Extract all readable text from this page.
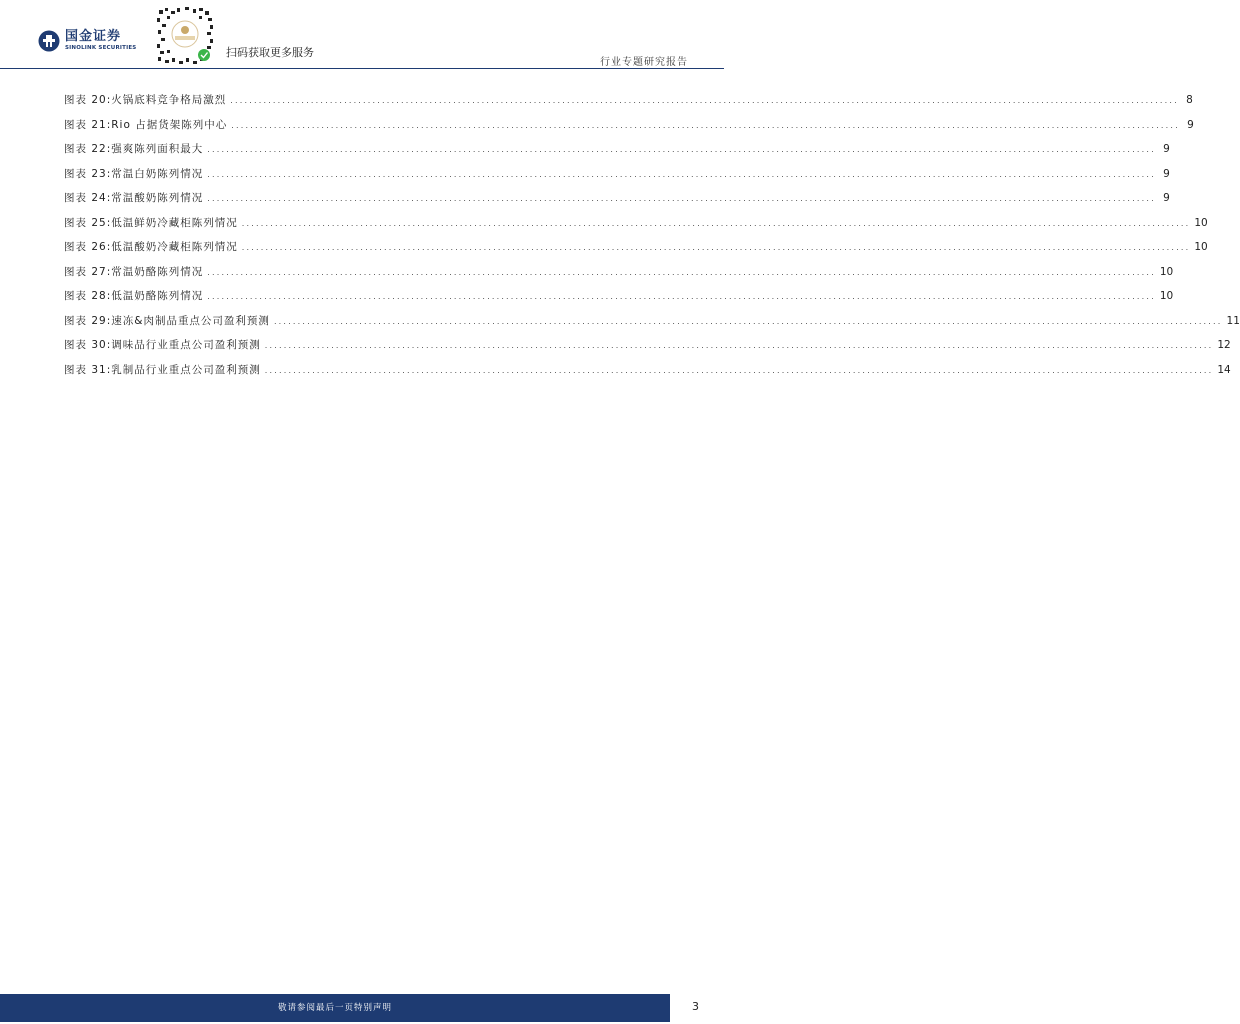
国金证券
SINOLINK SECURITIES	扫码获取更多服务
行业专题研究报告
图表 20: 火锅底料竞争格局激烈 ........................................................................................................................................................................................................ 8
图表 21: Rio 占据货架陈列中心 ........................................................................................................................................................................................................ 9
图表 22: 强爽陈列面积最大 ........................................................................................................................................................................................................ 9
图表 23: 常温白奶陈列情况 ........................................................................................................................................................................................................ 9
图表 24: 常温酸奶陈列情况 ........................................................................................................................................................................................................ 9
图表 25: 低温鲜奶冷藏柜陈列情况 ........................................................................................................................................................................................................ 10
图表 26: 低温酸奶冷藏柜陈列情况 ........................................................................................................................................................................................................ 10
图表 27: 常温奶酪陈列情况 ........................................................................................................................................................................................................ 10
图表 28: 低温奶酪陈列情况 ........................................................................................................................................................................................................ 10
图表 29: 速冻&肉制品重点公司盈利预测 ........................................................................................................................................................................................................ 11
图表 30: 调味品行业重点公司盈利预测 ........................................................................................................................................................................................................ 12
图表 31: 乳制品行业重点公司盈利预测 ........................................................................................................................................................................................................ 14
敬请参阅最后一页特别声明	3
